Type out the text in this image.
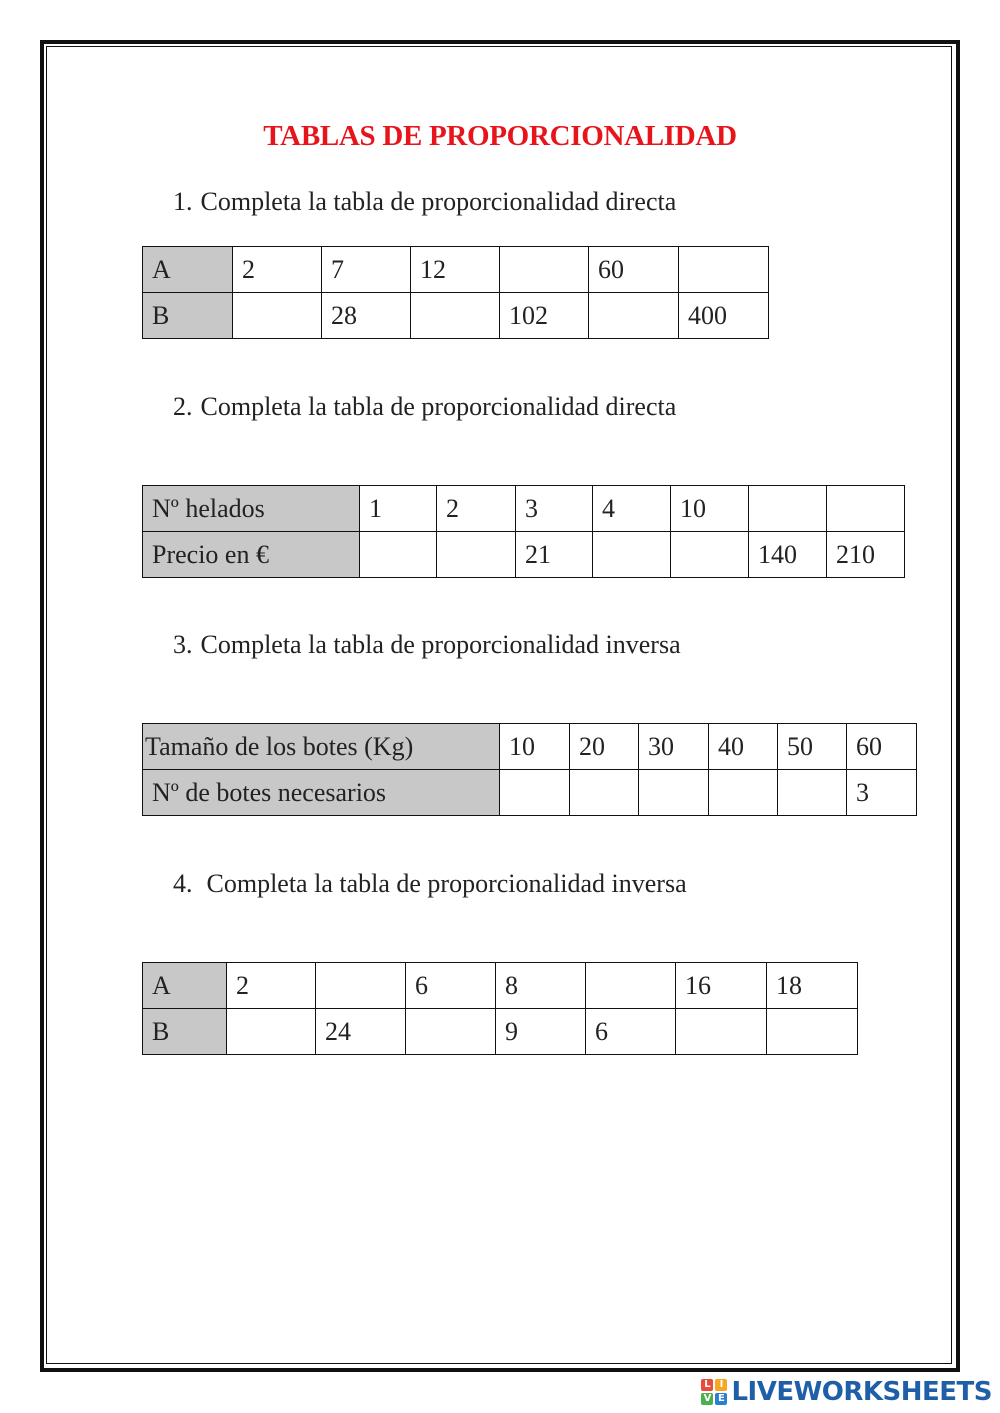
TABLAS DE PROPORCIONALIDAD
1. Completa la tabla de proporcionalidad directa
A	2	7	12		60	
B		28		102		400
2. Completa la tabla de proporcionalidad directa
Nº helados	1	2	3	4	10		
Precio en €			21			140	210
3. Completa la tabla de proporcionalidad inversa
Tamaño de los botes (Kg)	10	20	30	40	50	60
Nº de botes necesarios						3
4. Completa la tabla de proporcionalidad inversa
A	2		6	8		16	18
B		24		9	6		
L I
V E LIVEWORKSHEETS
